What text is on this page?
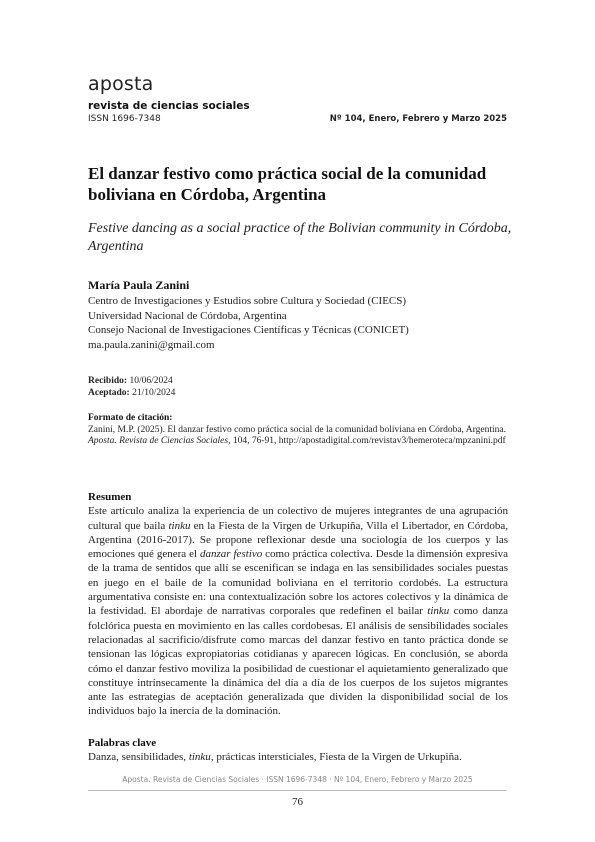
aposta
revista de ciencias sociales
ISSN 1696-7348	Nº 104, Enero, Febrero y Marzo 2025
El danzar festivo como práctica social de la comunidad boliviana en Córdoba, Argentina
Festive dancing as a social practice of the Bolivian community in Córdoba, Argentina
María Paula Zanini
Centro de Investigaciones y Estudios sobre Cultura y Sociedad (CIECS)
Universidad Nacional de Córdoba, Argentina
Consejo Nacional de Investigaciones Científicas y Técnicas (CONICET)
ma.paula.zanini@gmail.com
Recibido: 10/06/2024
Aceptado: 21/10/2024
Formato de citación:
Zanini, M.P. (2025). El danzar festivo como práctica social de la comunidad boliviana en Córdoba, Argentina. Aposta. Revista de Ciencias Sociales, 104, 76-91, http://apostadigital.com/revistav3/hemeroteca/mpzanini.pdf
Resumen

Este artículo analiza la experiencia de un colectivo de mujeres integrantes de una agrupación cultural que baila tinku en la Fiesta de la Virgen de Urkupiña, Villa el Libertador, en Córdoba, Argentina (2016-2017). Se propone reflexionar desde una sociología de los cuerpos y las emociones qué genera el danzar festivo como práctica colectiva. Desde la dimensión expresiva de la trama de sentidos que allí se escenifican se indaga en las sensibilidades sociales puestas en juego en el baile de la comunidad boliviana en el territorio cordobés. La estructura argumentativa consiste en: una contextualización sobre los actores colectivos y la dinámica de la festividad. El abordaje de narrativas corporales que redefinen el bailar tinku como danza folclórica puesta en movimiento en las calles cordobesas. El análisis de sensibilidades sociales relacionadas al sacrificio/disfrute como marcas del danzar festivo en tanto práctica donde se tensionan las lógicas expropiatorias cotidianas y aparecen lógicas. En conclusión, se aborda cómo el danzar festivo moviliza la posibilidad de cuestionar el aquietamiento generalizado que constituye intrínsecamente la dinámica del día a día de los cuerpos de los sujetos migrantes ante las estrategias de aceptación generalizada que dividen la disponibilidad social de los individuos bajo la inercia de la dominación.

Palabras clave

Danza, sensibilidades, tinku, prácticas intersticiales, Fiesta de la Virgen de Urkupiña.

Aposta. Revista de Ciencias Sociales · ISSN 1696-7348 · Nº 104, Enero, Febrero y Marzo 2025
76
